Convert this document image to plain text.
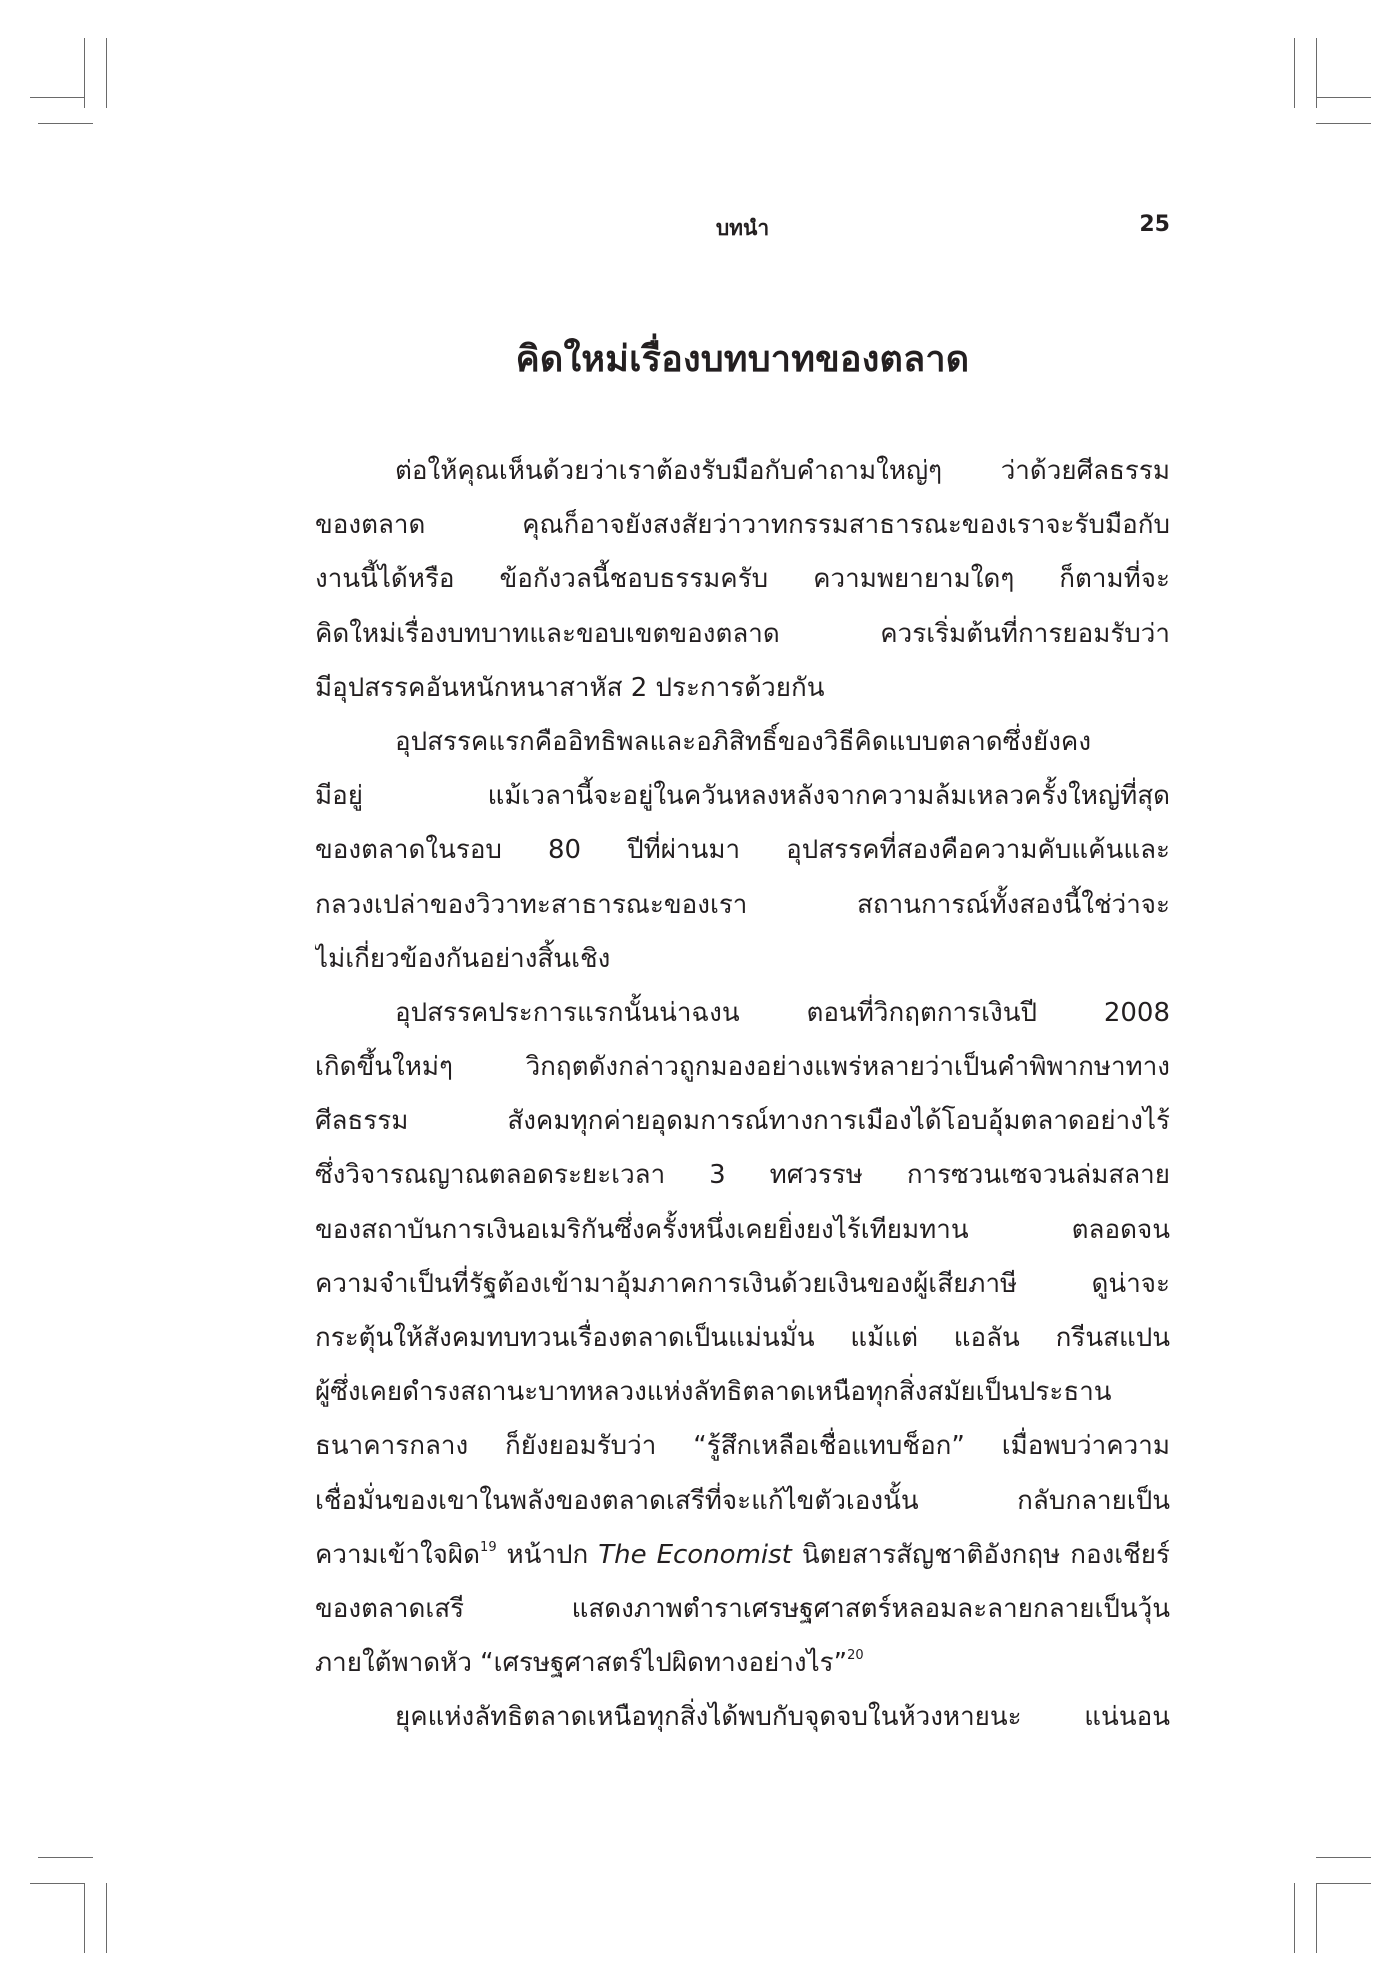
บทนำ	25
คิดใหม่เรื่องบทบาทของตลาด
ต่อให้คุณเห็นด้วยว่าเราต้องรับมือกับคำถามใหญ่ๆ ว่าด้วยศีลธรรม
ของตลาด คุณก็อาจยังสงสัยว่าวาทกรรมสาธารณะของเราจะรับมือกับ
งานนี้ได้หรือ ข้อกังวลนี้ชอบธรรมครับ ความพยายามใดๆ ก็ตามที่จะ
คิดใหม่เรื่องบทบาทและขอบเขตของตลาด ควรเริ่มต้นที่การยอมรับว่า
มีอุปสรรคอันหนักหนาสาหัส 2 ประการด้วยกัน
อุปสรรคแรกคืออิทธิพลและอภิสิทธิ์ของวิธีคิดแบบตลาดซึ่งยังคง
มีอยู่ แม้เวลานี้จะอยู่ในควันหลงหลังจากความล้มเหลวครั้งใหญ่ที่สุด
ของตลาดในรอบ 80 ปีที่ผ่านมา อุปสรรคที่สองคือความคับแค้นและ
กลวงเปล่าของวิวาทะสาธารณะของเรา สถานการณ์ทั้งสองนี้ใช่ว่าจะ
ไม่เกี่ยวข้องกันอย่างสิ้นเชิง
อุปสรรคประการแรกนั้นน่าฉงน ตอนที่วิกฤตการเงินปี 2008
เกิดขึ้นใหม่ๆ วิกฤตดังกล่าวถูกมองอย่างแพร่หลายว่าเป็นคำพิพากษาทาง
ศีลธรรม สังคมทุกค่ายอุดมการณ์ทางการเมืองได้โอบอุ้มตลาดอย่างไร้
ซึ่งวิจารณญาณตลอดระยะเวลา 3 ทศวรรษ การซวนเซจวนล่มสลาย
ของสถาบันการเงินอเมริกันซึ่งครั้งหนึ่งเคยยิ่งยงไร้เทียมทาน ตลอดจน
ความจำเป็นที่รัฐต้องเข้ามาอุ้มภาคการเงินด้วยเงินของผู้เสียภาษี ดูน่าจะ
กระตุ้นให้สังคมทบทวนเรื่องตลาดเป็นแม่นมั่น แม้แต่ แอลัน กรีนสแปน
ผู้ซึ่งเคยดำรงสถานะบาทหลวงแห่งลัทธิตลาดเหนือทุกสิ่งสมัยเป็นประธาน
ธนาคารกลาง ก็ยังยอมรับว่า “รู้สึกเหลือเชื่อแทบช็อก” เมื่อพบว่าความ
เชื่อมั่นของเขาในพลังของตลาดเสรีที่จะแก้ไขตัวเองนั้น กลับกลายเป็น
ความเข้าใจผิด$^{19}$ หน้าปก The Economist นิตยสารสัญชาติอังกฤษ กองเชียร์
ของตลาดเสรี แสดงภาพตำราเศรษฐศาสตร์หลอมละลายกลายเป็นวุ้น
ภายใต้พาดหัว “เศรษฐศาสตร์ไปผิดทางอย่างไร”$^{20}$
ยุคแห่งลัทธิตลาดเหนือทุกสิ่งได้พบกับจุดจบในห้วงหายนะ แน่นอน
